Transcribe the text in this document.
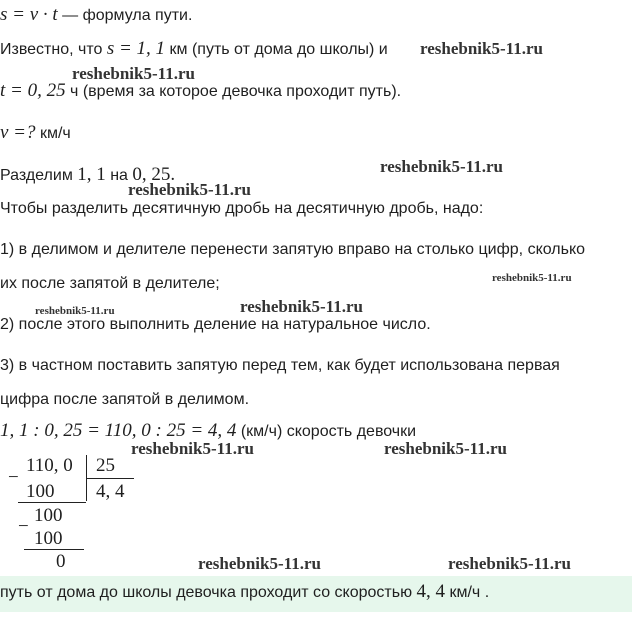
s = v · t — формула пути.
Известно, что s = 1, 1 км (путь от дома до школы) и reshebnik5-11.ru
reshebnik5-11.ru
t = 0, 25 ч (время за которое девочка проходит путь).
v =? км/ч
Разделим 1, 1 на 0, 25.	reshebnik5-11.ru
reshebnik5-11.ru
Чтобы разделить десятичную дробь на десятичную дробь, надо:
1) в делимом и делителе перенести запятую вправо на столько цифр, сколько
их после запятой в делителе;	reshebnik5-11.ru
reshebnik5-11.ru	reshebnik5-11.ru
2) после этого выполнить деление на натуральное число.
3) в частном поставить запятую перед тем, как будет использована первая
цифра после запятой в делимом.
1, 1 : 0, 25 = 110, 0 : 25 = 4, 4 (км/ч) скорость девочки
−
110, 0 25
100 4, 4
100
−
100
0
reshebnik5-11.ru	reshebnik5-11.ru
reshebnik5-11.ru	reshebnik5-11.ru
путь от дома до школы девочка проходит со скоростью 4, 4 км/ч .
